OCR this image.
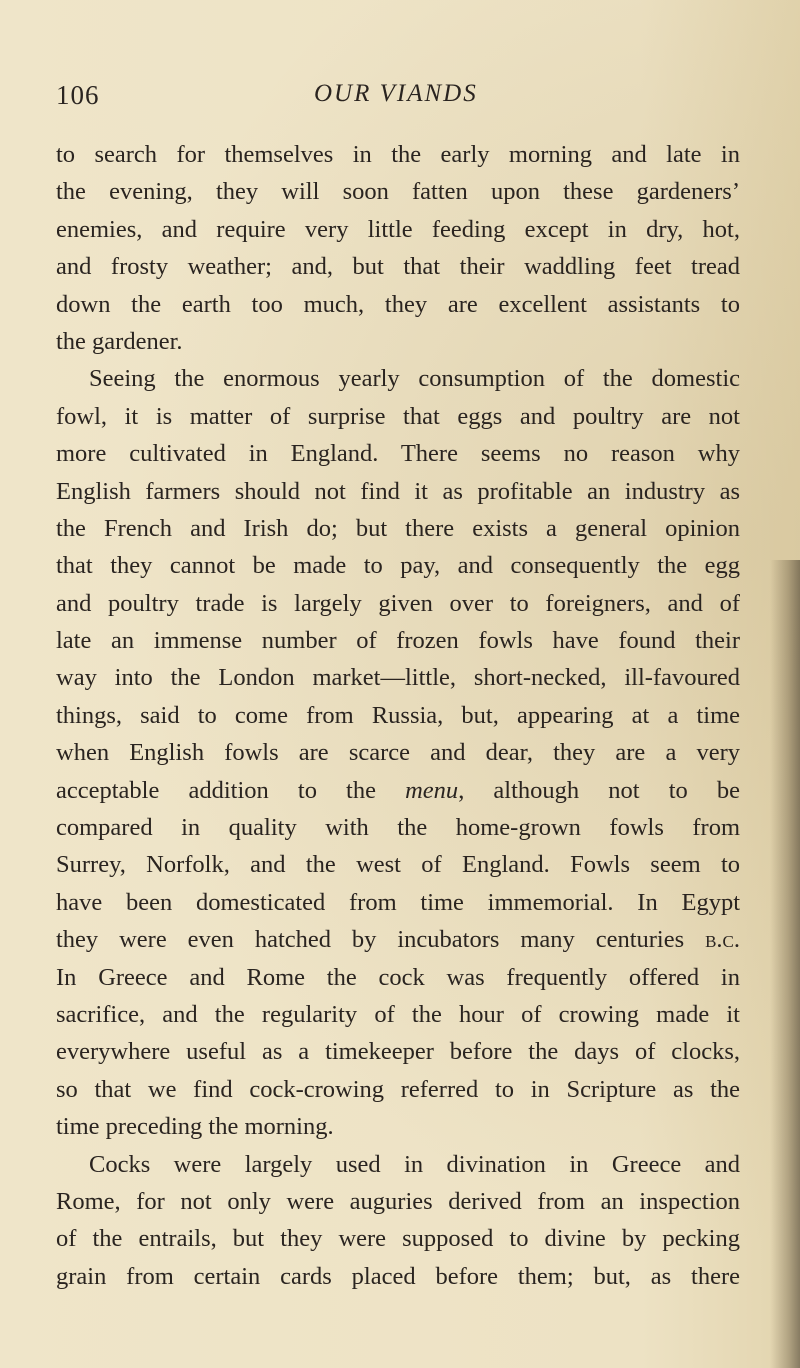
106	OUR VIANDS
to search for themselves in the early morning and late in
the evening, they will soon fatten upon these gardeners’
enemies, and require very little feeding except in dry, hot,
and frosty weather; and, but that their waddling feet tread
down the earth too much, they are excellent assistants to
the gardener.
Seeing the enormous yearly consumption of the domestic
fowl, it is matter of surprise that eggs and poultry are not
more cultivated in England. There seems no reason why
English farmers should not find it as profitable an industry as
the French and Irish do; but there exists a general opinion
that they cannot be made to pay, and consequently the egg
and poultry trade is largely given over to foreigners, and of
late an immense number of frozen fowls have found their
way into the London market—little, short-necked, ill-favoured
things, said to come from Russia, but, appearing at a time
when English fowls are scarce and dear, they are a very
acceptable addition to the menu, although not to be
compared in quality with the home-grown fowls from
Surrey, Norfolk, and the west of England. Fowls seem to
have been domesticated from time immemorial. In Egypt
they were even hatched by incubators many centuries b.c.
In Greece and Rome the cock was frequently offered in
sacrifice, and the regularity of the hour of crowing made it
everywhere useful as a timekeeper before the days of clocks,
so that we find cock-crowing referred to in Scripture as the
time preceding the morning.
Cocks were largely used in divination in Greece and
Rome, for not only were auguries derived from an inspection
of the entrails, but they were supposed to divine by pecking
grain from certain cards placed before them; but, as there
